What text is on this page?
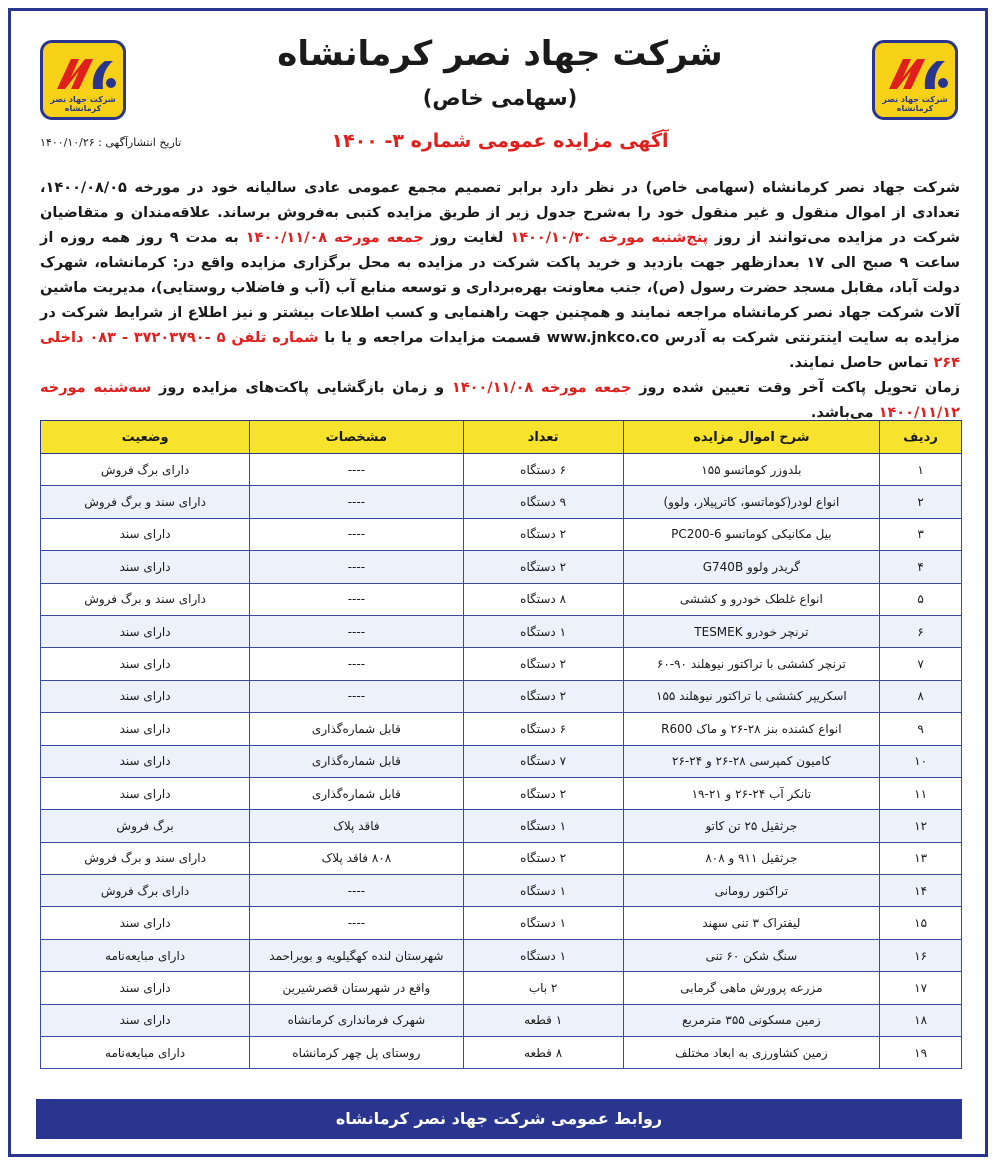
شرکت جهاد نصر کرمانشاه
شرکت جهاد نصر کرمانشاه
شرکت جهاد نصر کرمانشاه
(سهامی خاص)
آگهی مزایده عمومی شماره ۳- ۱۴۰۰
تاریخ انتشارآگهی : ۱۴۰۰/۱۰/۲۶
شرکت جهاد نصر کرمانشاه (سهامی خاص) در نظر دارد برابر تصمیم مجمع عمومی عادی سالیانه خود در مورخه ۱۴۰۰/۰۸/۰۵، تعدادی از اموال منقول و غیر منقول خود را به‌شرح جدول زیر از طریق مزایده کتبی به‌فروش برساند. علاقه‌مندان و متقاضیان شرکت در مزایده می‌توانند از روز پنج‌شنبه مورخه ۱۴۰۰/۱۰/۳۰ لغایت روز جمعه مورخه ۱۴۰۰/۱۱/۰۸ به مدت ۹ روز همه روزه از ساعت ۹ صبح الی ۱۷ بعدازظهر جهت بازدید و خرید پاکت شرکت در مزایده به محل برگزاری مزایده واقع در: کرمانشاه، شهرک دولت آباد، مقابل مسجد حضرت رسول (ص)، جنب معاونت بهره‌برداری و توسعه منابع آب (آب و فاضلاب روستایی)، مدیریت ماشین آلات شرکت جهاد نصر کرمانشاه مراجعه نمایند و همچنین جهت راهنمایی و کسب اطلاعات بیشتر و نیز اطلاع از شرایط شرکت در مزایده به سایت اینترنتی شرکت به آدرس www.jnkco.co قسمت مزایدات مراجعه و یا با شماره تلفن ۵ -۳۷۲۰۳۷۹۰ - ۰۸۳ داخلی ۲۶۴ تماس حاصل نمایند.
زمان تحویل پاکت آخر وقت تعیین شده روز جمعه مورخه ۱۴۰۰/۱۱/۰۸ و زمان بازگشایی پاکت‌های مزایده روز سه‌شنبه مورخه ۱۴۰۰/۱۱/۱۲ می‌باشد.
ردیف	شرح اموال مزایده	تعداد	مشخصات	وضعیت
۱	بلدوزر کوماتسو ۱۵۵	۶ دستگاه	----	دارای برگ فروش
۲	انواع لودر(کوماتسو، کاترپیلار، ولوو)	۹ دستگاه	----	دارای سند و برگ فروش
۳	بیل مکانیکی کوماتسو PC200-6	۲ دستگاه	----	دارای سند
۴	گریدر ولوو G740B	۲ دستگاه	----	دارای سند
۵	انواع غلطک خودرو و کششی	۸ دستگاه	----	دارای سند و برگ فروش
۶	ترنچر خودرو TESMEK	۱ دستگاه	----	دارای سند
۷	ترنچر کششی با تراکتور نیوهلند ۹۰-۶۰	۲ دستگاه	----	دارای سند
۸	اسکریپر کششی با تراکتور نیوهلند ۱۵۵	۲ دستگاه	----	دارای سند
۹	انواع کشنده بنز ۲۸-۲۶ و ماک R600	۶ دستگاه	قابل شماره‌گذاری	دارای سند
۱۰	کامیون کمپرسی ۲۸-۲۶ و ۲۴-۲۶	۷ دستگاه	قابل شماره‌گذاری	دارای سند
۱۱	تانکر آب ۲۴-۲۶ و ۲۱-۱۹	۲ دستگاه	قابل شماره‌گذاری	دارای سند
۱۲	جرثقیل ۲۵ تن کاتو	۱ دستگاه	فاقد پلاک	برگ فروش
۱۳	جرثقیل ۹۱۱ و ۸۰۸	۲ دستگاه	۸۰۸ فاقد پلاک	دارای سند و برگ فروش
۱۴	تراکتور رومانی	۱ دستگاه	----	دارای برگ فروش
۱۵	لیفتراک ۳ تنی سهند	۱ دستگاه	----	دارای سند
۱۶	سنگ شکن ۶۰ تنی	۱ دستگاه	شهرستان لنده کهگیلویه و بویراحمد	دارای مبایعه‌نامه
۱۷	مزرعه پرورش ماهی گرمابی	۲ باب	واقع در شهرستان قصرشیرین	دارای سند
۱۸	زمین مسکونی ۳۵۵ مترمربع	۱ قطعه	شهرک فرمانداری کرمانشاه	دارای سند
۱۹	زمین کشاورزی به ابعاد مختلف	۸ قطعه	روستای پل چهر کرمانشاه	دارای مبایعه‌نامه
روابط عمومی شرکت جهاد نصر کرمانشاه
